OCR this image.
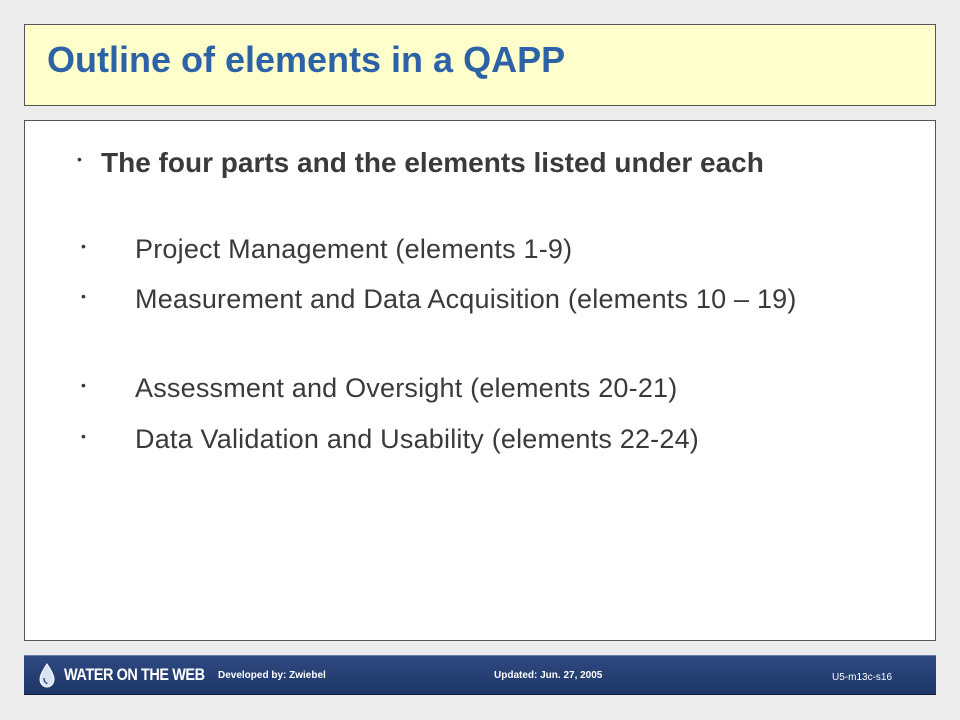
Outline of elements in a QAPP
• The four parts and the elements listed under each
• Project Management (elements 1-9)
• Measurement and Data Acquisition (elements 10 – 19)
• Assessment and Oversight (elements 20-21)
• Data Validation and Usability (elements 22-24)
WATER ON THE WEB Developed by: Zwiebel	Updated: Jun. 27, 2005	U5-m13c-s16
